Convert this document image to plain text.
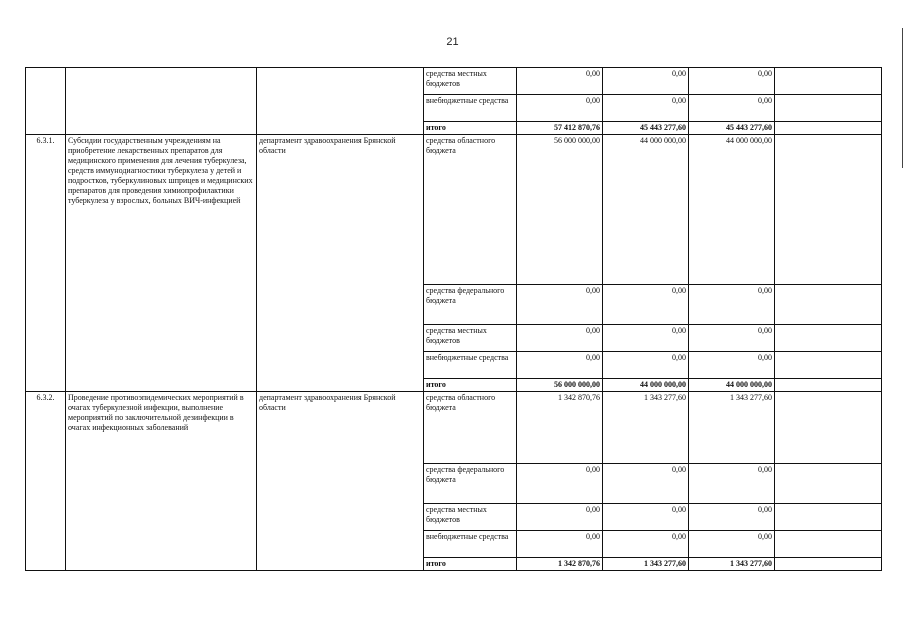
21
			средства местных бюджетов	0,00	0,00	0,00	
			внебюджетные средства	0,00	0,00	0,00	
			итого	57 412 870,76	45 443 277,60	45 443 277,60	
6.3.1.	Субсидии государственным учреждениям на приобретение лекарственных препаратов для медицинского применения для лечения туберкулеза, средств иммунодиагностики туберкулеза у детей и подростков, туберкулиновых шприцев и медицинских препаратов для проведения химиопрофилактики туберкулеза у взрослых, больных ВИЧ-инфекцией	департамент здравоохранения Брянской области	средства областного бюджета	56 000 000,00	44 000 000,00	44 000 000,00	
			средства федерального бюджета	0,00	0,00	0,00	
			средства местных бюджетов	0,00	0,00	0,00	
			внебюджетные средства	0,00	0,00	0,00	
			итого	56 000 000,00	44 000 000,00	44 000 000,00	
6.3.2.	Проведение противоэпидемических мероприятий в очагах туберкулезной инфекции, выполнение мероприятий по заключительной дезинфекции в очагах инфекционных заболеваний	департамент здравоохранения Брянской области	средства областного бюджета	1 342 870,76	1 343 277,60	1 343 277,60	
			средства федерального бюджета	0,00	0,00	0,00	
			средства местных бюджетов	0,00	0,00	0,00	
			внебюджетные средства	0,00	0,00	0,00	
			итого	1 342 870,76	1 343 277,60	1 343 277,60	
